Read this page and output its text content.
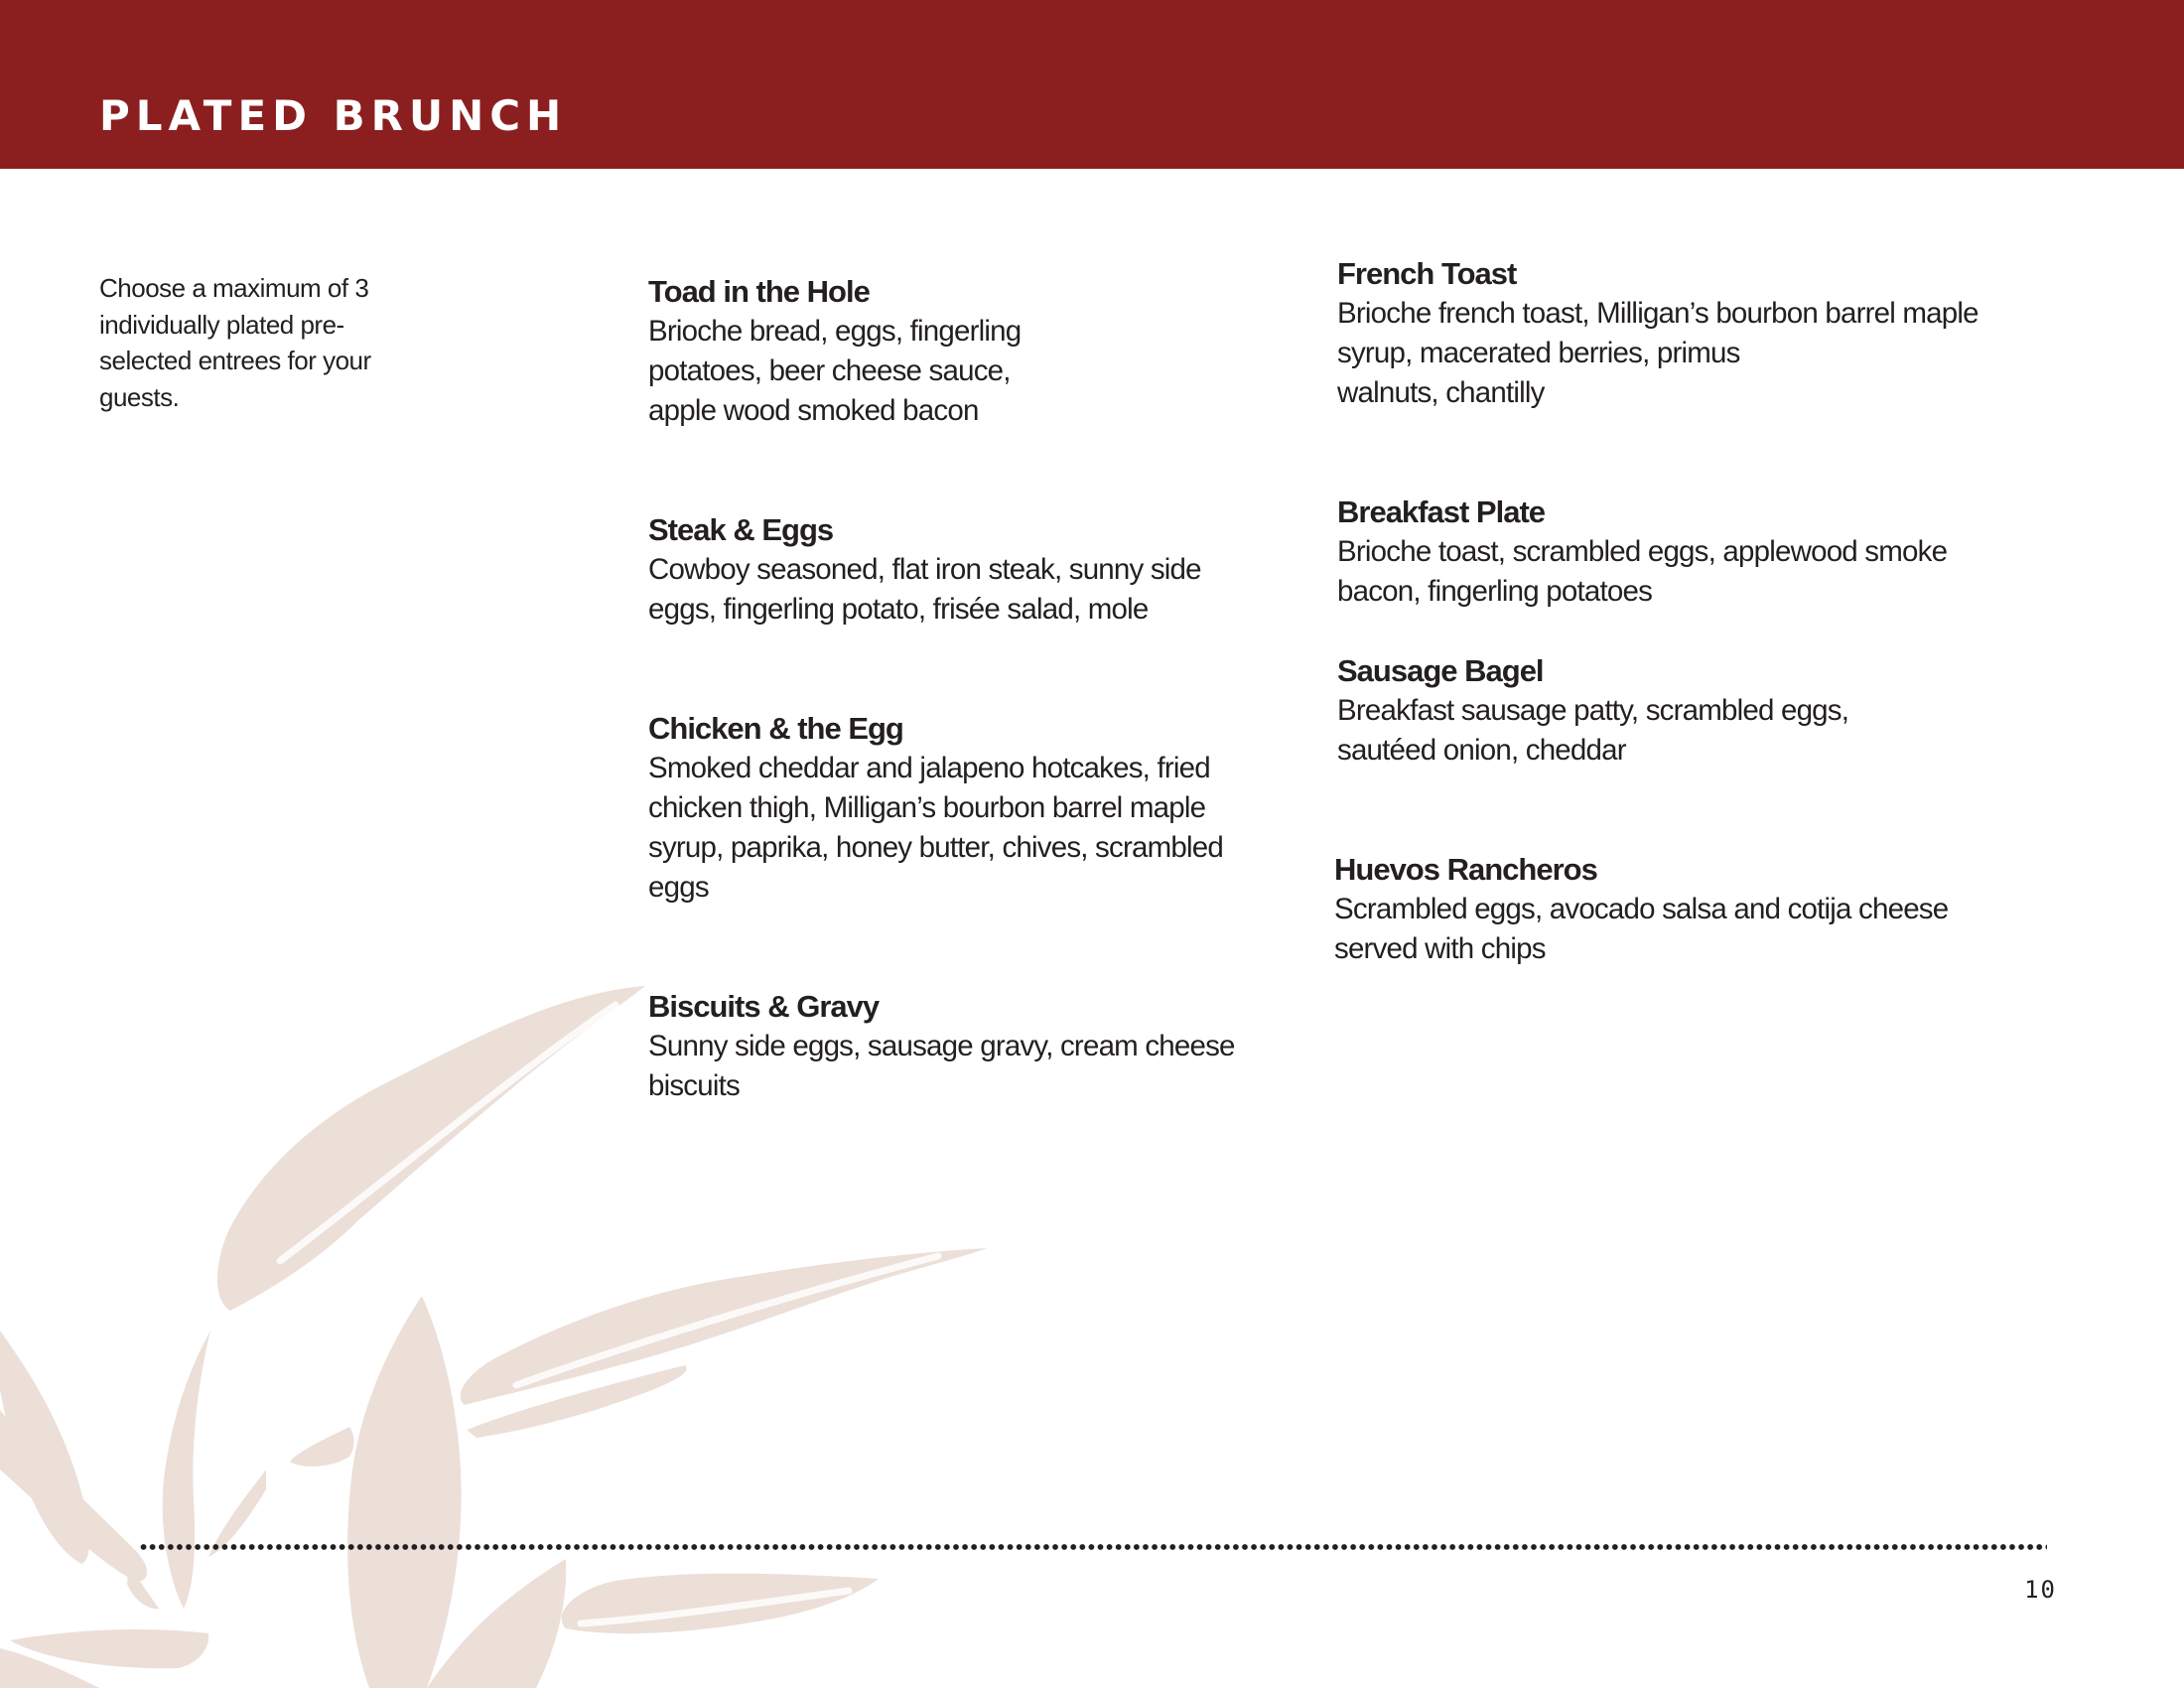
PLATED BRUNCH

Choose a maximum of 3 individually plated pre-selected entrees for your guests.

Toad in the Hole

Brioche bread, eggs, fingerling
potatoes, beer cheese sauce,
apple wood smoked bacon

Steak & Eggs

Cowboy seasoned, flat iron steak, sunny side
eggs, fingerling potato, frisée salad, mole

Chicken & the Egg

Smoked cheddar and jalapeno hotcakes, fried
chicken thigh, Milligan’s bourbon barrel maple
syrup, paprika, honey butter, chives, scrambled
eggs

Biscuits & Gravy

Sunny side eggs, sausage gravy, cream cheese
biscuits

French Toast

Brioche french toast, Milligan’s bourbon barrel maple
syrup, macerated berries, primus
walnuts, chantilly

Breakfast Plate

Brioche toast, scrambled eggs, applewood smoke
bacon, fingerling potatoes

Sausage Bagel

Breakfast sausage patty, scrambled eggs,
sautéed onion, cheddar

Huevos Rancheros

Scrambled eggs, avocado salsa and cotija cheese
served with chips

10
